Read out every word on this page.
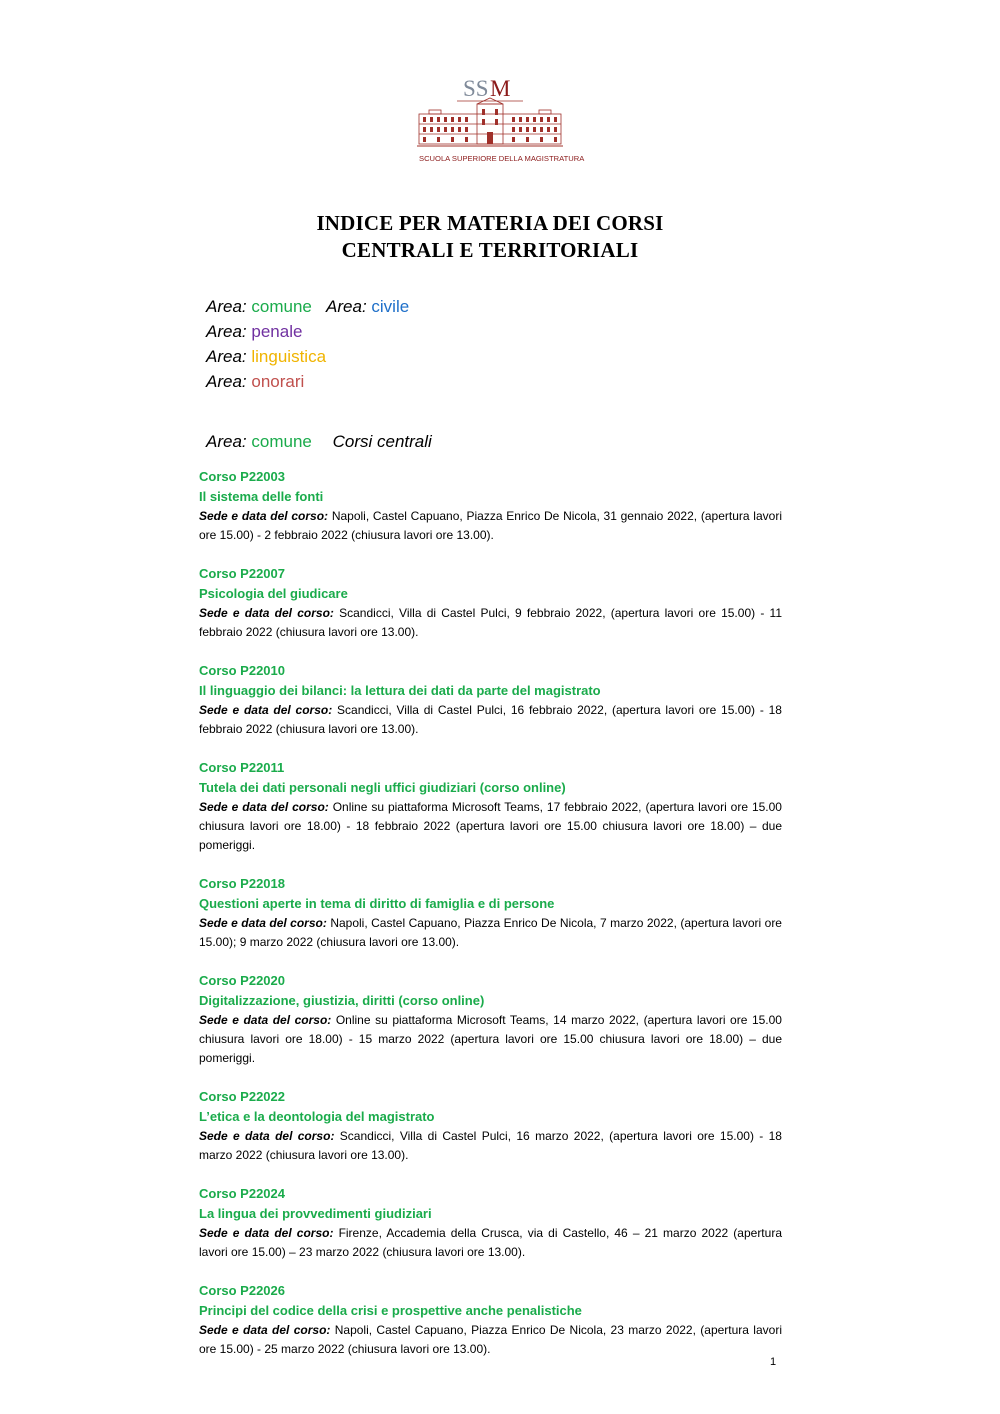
SS M
SCUOLA SUPERIORE DELLA MAGISTRATURA
INDICE PER MATERIA DEI CORSI
CENTRALI E TERRITORIALI
Area: comune Area: civile
Area: penale
Area: linguistica
Area: onorari
Area: comune Corsi centrali
Corso P22003
Il sistema delle fonti
Sede e data del corso: Napoli, Castel Capuano, Piazza Enrico De Nicola, 31 gennaio 2022, (apertura lavori ore 15.00) - 2 febbraio 2022 (chiusura lavori ore 13.00).
Corso P22007
Psicologia del giudicare
Sede e data del corso: Scandicci, Villa di Castel Pulci, 9 febbraio 2022, (apertura lavori ore 15.00) - 11 febbraio 2022 (chiusura lavori ore 13.00).
Corso P22010
Il linguaggio dei bilanci: la lettura dei dati da parte del magistrato
Sede e data del corso: Scandicci, Villa di Castel Pulci, 16 febbraio 2022, (apertura lavori ore 15.00) - 18 febbraio 2022 (chiusura lavori ore 13.00).
Corso P22011
Tutela dei dati personali negli uffici giudiziari (corso online)
Sede e data del corso: Online su piattaforma Microsoft Teams, 17 febbraio 2022, (apertura lavori ore 15.00 chiusura lavori ore 18.00) - 18 febbraio 2022 (apertura lavori ore 15.00 chiusura lavori ore 18.00) – due pomeriggi.
Corso P22018
Questioni aperte in tema di diritto di famiglia e di persone
Sede e data del corso: Napoli, Castel Capuano, Piazza Enrico De Nicola, 7 marzo 2022, (apertura lavori ore 15.00); 9 marzo 2022 (chiusura lavori ore 13.00).
Corso P22020
Digitalizzazione, giustizia, diritti (corso online)
Sede e data del corso: Online su piattaforma Microsoft Teams, 14 marzo 2022, (apertura lavori ore 15.00 chiusura lavori ore 18.00) - 15 marzo 2022 (apertura lavori ore 15.00 chiusura lavori ore 18.00) – due pomeriggi.
Corso P22022
L’etica e la deontologia del magistrato
Sede e data del corso: Scandicci, Villa di Castel Pulci, 16 marzo 2022, (apertura lavori ore 15.00) - 18 marzo 2022 (chiusura lavori ore 13.00).
Corso P22024
La lingua dei provvedimenti giudiziari
Sede e data del corso: Firenze, Accademia della Crusca, via di Castello, 46 – 21 marzo 2022 (apertura lavori ore 15.00) – 23 marzo 2022 (chiusura lavori ore 13.00).
Corso P22026
Principi del codice della crisi e prospettive anche penalistiche
Sede e data del corso: Napoli, Castel Capuano, Piazza Enrico De Nicola, 23 marzo 2022, (apertura lavori ore 15.00) - 25 marzo 2022 (chiusura lavori ore 13.00).
1
